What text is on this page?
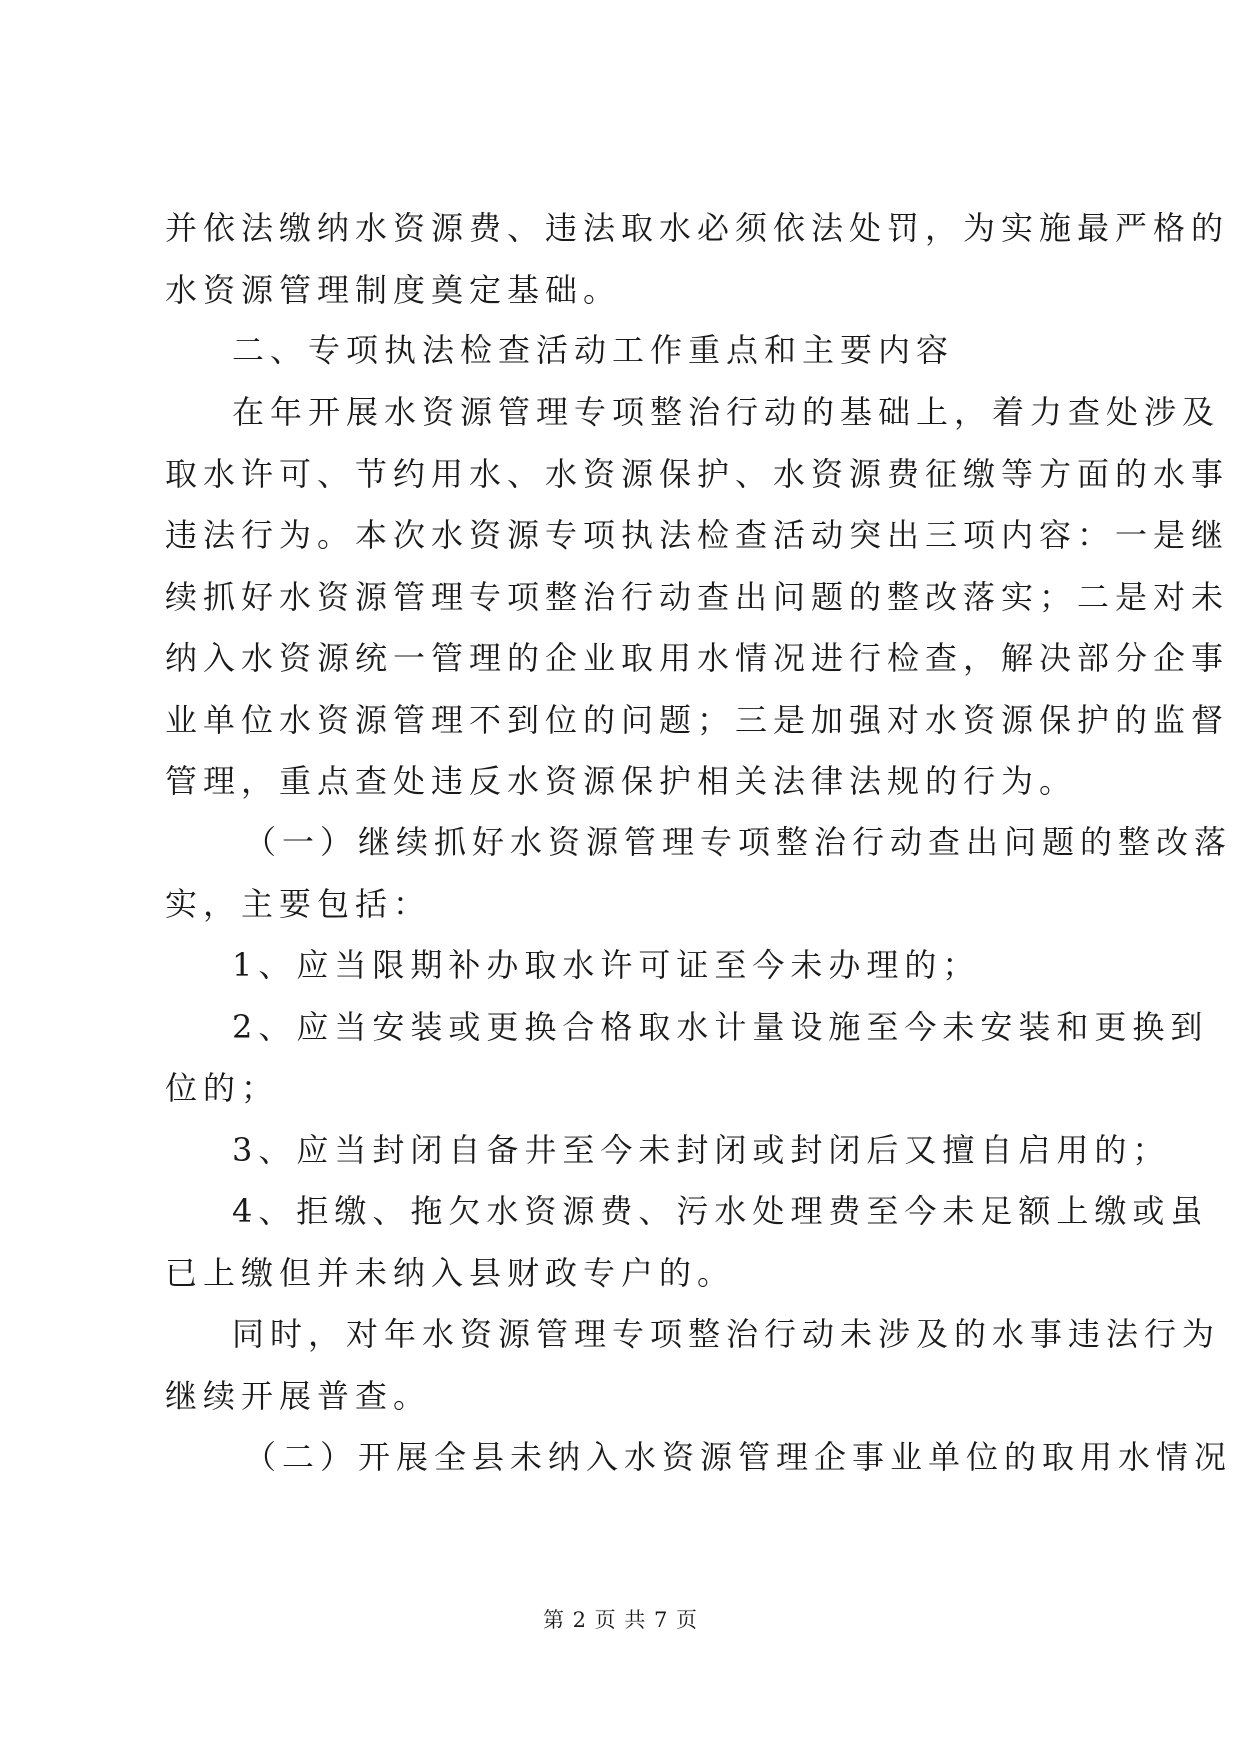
并依法缴纳水资源费、违法取水必须依法处罚，为实施最严格的
水资源管理制度奠定基础。
二、专项执法检查活动工作重点和主要内容
在年开展水资源管理专项整治行动的基础上，着力查处涉及
取水许可、节约用水、水资源保护、水资源费征缴等方面的水事
违法行为。本次水资源专项执法检查活动突出三项内容：一是继
续抓好水资源管理专项整治行动查出问题的整改落实；二是对未
纳入水资源统一管理的企业取用水情况进行检查，解决部分企事
业单位水资源管理不到位的问题；三是加强对水资源保护的监督
管理，重点查处违反水资源保护相关法律法规的行为。
（一）继续抓好水资源管理专项整治行动查出问题的整改落
实，主要包括：
1、应当限期补办取水许可证至今未办理的；
2、应当安装或更换合格取水计量设施至今未安装和更换到
位的；
3、应当封闭自备井至今未封闭或封闭后又擅自启用的；
4、拒缴、拖欠水资源费、污水处理费至今未足额上缴或虽
已上缴但并未纳入县财政专户的。
同时，对年水资源管理专项整治行动未涉及的水事违法行为
继续开展普查。
（二）开展全县未纳入水资源管理企事业单位的取用水情况
第 2 页 共 7 页
